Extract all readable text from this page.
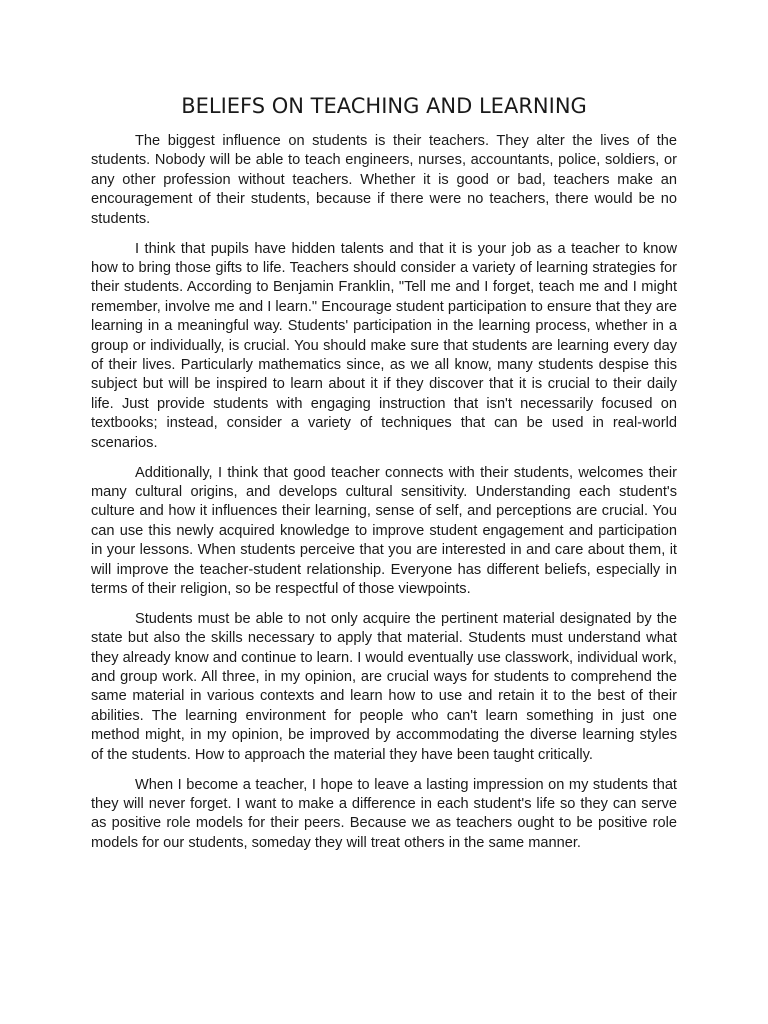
BELIEFS ON TEACHING AND LEARNING

The biggest influence on students is their teachers. They alter the lives of the students. Nobody will be able to teach engineers, nurses, accountants, police, soldiers, or any other profession without teachers. Whether it is good or bad, teachers make an encouragement of their students, because if there were no teachers, there would be no students.

I think that pupils have hidden talents and that it is your job as a teacher to know how to bring those gifts to life. Teachers should consider a variety of learning strategies for their students. According to Benjamin Franklin, "Tell me and I forget, teach me and I might remember, involve me and I learn." Encourage student participation to ensure that they are learning in a meaningful way. Students' participation in the learning process, whether in a group or individually, is crucial. You should make sure that students are learning every day of their lives. Particularly mathematics since, as we all know, many students despise this subject but will be inspired to learn about it if they discover that it is crucial to their daily life. Just provide students with engaging instruction that isn't necessarily focused on textbooks; instead, consider a variety of techniques that can be used in real-world scenarios.

Additionally, I think that good teacher connects with their students, welcomes their many cultural origins, and develops cultural sensitivity. Understanding each student's culture and how it influences their learning, sense of self, and perceptions are crucial. You can use this newly acquired knowledge to improve student engagement and participation in your lessons. When students perceive that you are interested in and care about them, it will improve the teacher-student relationship. Everyone has different beliefs, especially in terms of their religion, so be respectful of those viewpoints.

Students must be able to not only acquire the pertinent material designated by the state but also the skills necessary to apply that material. Students must understand what they already know and continue to learn. I would eventually use classwork, individual work, and group work. All three, in my opinion, are crucial ways for students to comprehend the same material in various contexts and learn how to use and retain it to the best of their abilities. The learning environment for people who can't learn something in just one method might, in my opinion, be improved by accommodating the diverse learning styles of the students. How to approach the material they have been taught critically.

When I become a teacher, I hope to leave a lasting impression on my students that they will never forget. I want to make a difference in each student's life so they can serve as positive role models for their peers. Because we as teachers ought to be positive role models for our students, someday they will treat others in the same manner.
